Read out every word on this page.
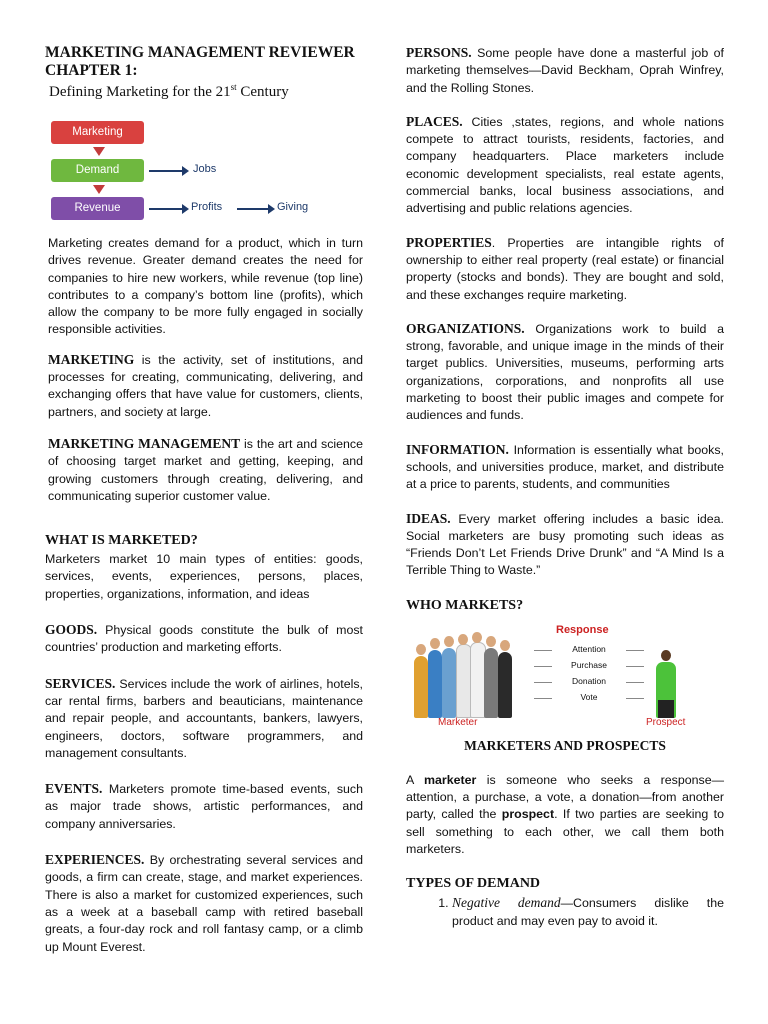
MARKETING MANAGEMENT REVIEWER
CHAPTER 1:
Defining Marketing for the 21st Century
Marketing
Demand
Revenue
Jobs
Profits	Giving

Marketing creates demand for a product, which in turn drives revenue. Greater demand creates the need for companies to hire new workers, while revenue (top line) contributes to a company’s bottom line (profits), which allow the company to be more fully engaged in socially responsible activities.

MARKETING is the activity, set of institutions, and processes for creating, communicating, delivering, and exchanging offers that have value for customers, clients, partners, and society at large.

MARKETING MANAGEMENT is the art and science of choosing target market and getting, keeping, and growing customers through creating, delivering, and communicating superior customer value.

WHAT IS MARKETED?

Marketers market 10 main types of entities: goods, services, events, experiences, persons, places, properties, organizations, information, and ideas

GOODS. Physical goods constitute the bulk of most countries’ production and marketing efforts.

SERVICES. Services include the work of airlines, hotels, car rental firms, barbers and beauticians, maintenance and repair people, and accountants, bankers, lawyers, engineers, doctors, software programmers, and management consultants.

EVENTS. Marketers promote time-based events, such as major trade shows, artistic performances, and company anniversaries.

EXPERIENCES. By orchestrating several services and goods, a firm can create, stage, and market experiences. There is also a market for customized experiences, such as a week at a baseball camp with retired baseball greats, a four-day rock and roll fantasy camp, or a climb up Mount Everest.

PERSONS. Some people have done a masterful job of marketing themselves—David Beckham, Oprah Winfrey, and the Rolling Stones.

PLACES. Cities ,states, regions, and whole nations compete to attract tourists, residents, factories, and company headquarters. Place marketers include economic development specialists, real estate agents, commercial banks, local business associations, and advertising and public relations agencies.

PROPERTIES. Properties are intangible rights of ownership to either real property (real estate) or financial property (stocks and bonds). They are bought and sold, and these exchanges require marketing.

ORGANIZATIONS. Organizations work to build a strong, favorable, and unique image in the minds of their target publics. Universities, museums, performing arts organizations, corporations, and nonprofits all use marketing to boost their public images and compete for audiences and funds.

INFORMATION. Information is essentially what books, schools, and universities produce, market, and distribute at a price to parents, students, and communities

IDEAS. Every market offering includes a basic idea. Social marketers are busy promoting such ideas as “Friends Don’t Let Friends Drive Drunk” and “A Mind Is a Terrible Thing to Waste.”

WHO MARKETS?
Response
Attention
Purchase
Donation
Vote
Marketer	Prospect

MARKETERS AND PROSPECTS

A marketer is someone who seeks a response—attention, a purchase, a vote, a donation—from another party, called the prospect. If two parties are seeking to sell something to each other, we call them both marketers.

TYPES OF DEMAND
1. Negative demand—Consumers dislike the product and may even pay to avoid it.
